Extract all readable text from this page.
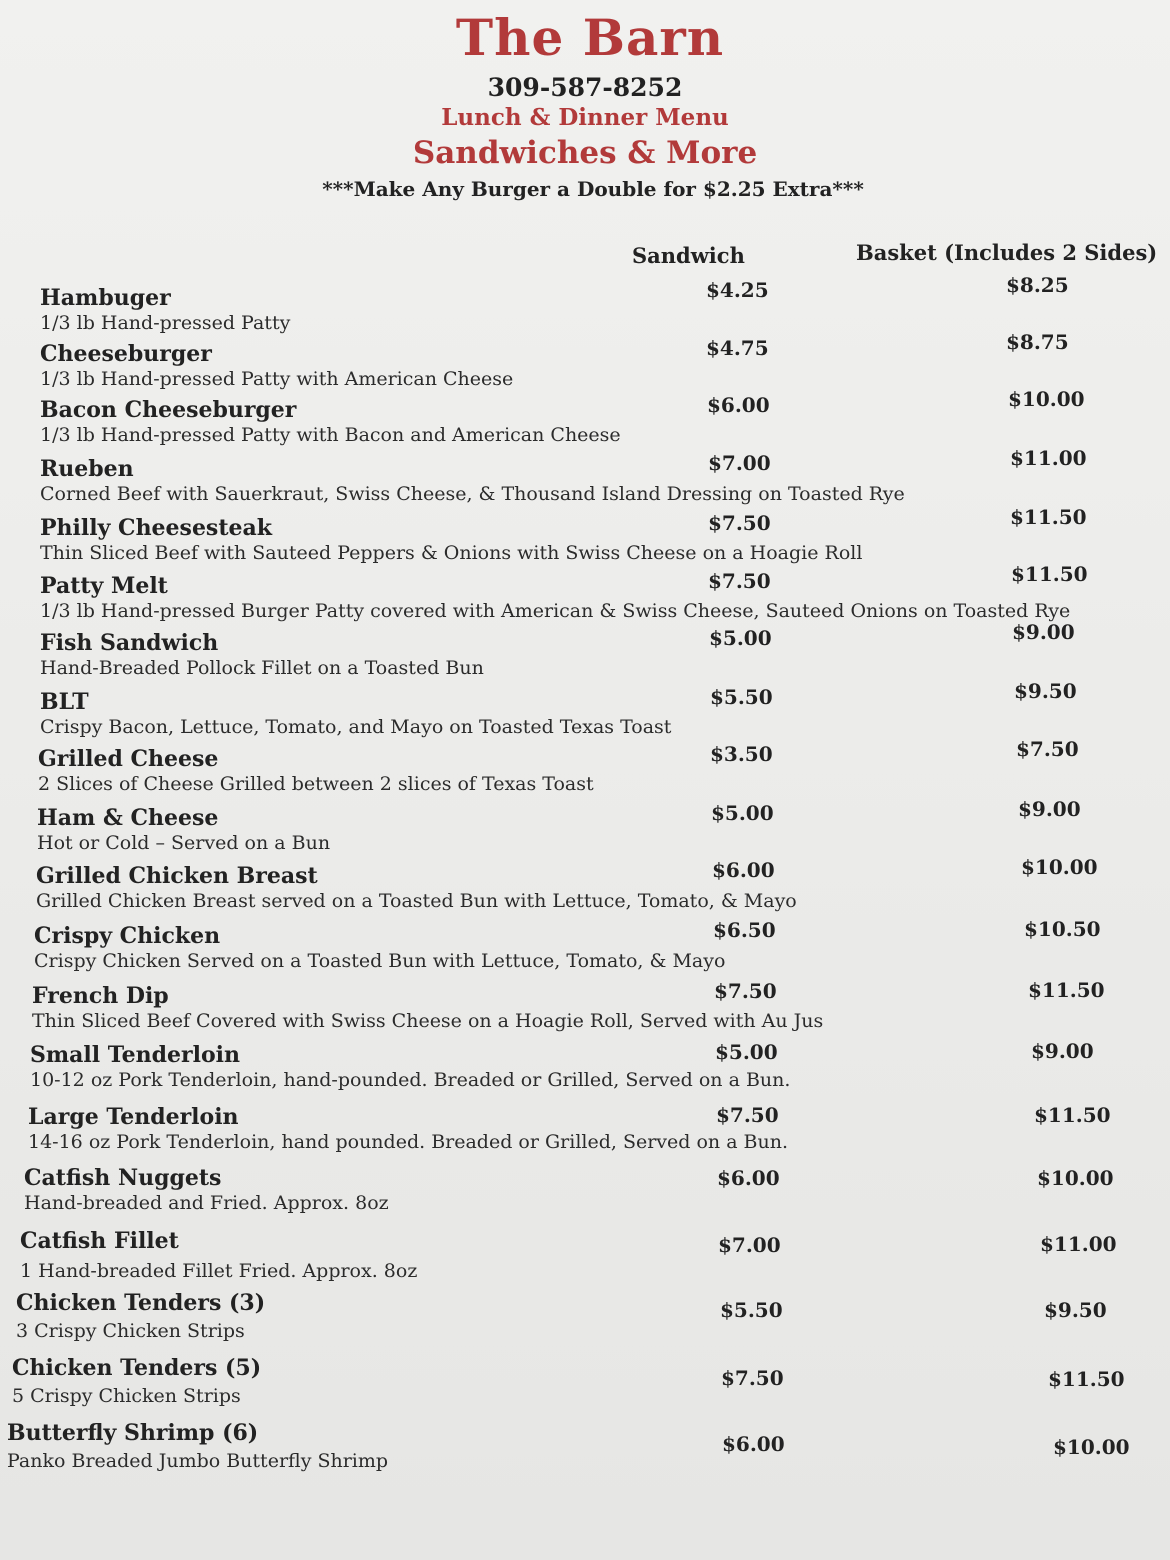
The Barn
309-587-8252
Lunch & Dinner Menu
Sandwiches & More
***Make Any Burger a Double for $2.25 Extra***
Sandwich	Basket (Includes 2 Sides)
Hambuger
1/3 lb Hand-pressed Patty
$4.25	$8.25
Cheeseburger
1/3 lb Hand-pressed Patty with American Cheese
$4.75	$8.75
Bacon Cheeseburger
1/3 lb Hand-pressed Patty with Bacon and American Cheese
$6.00	$10.00
Rueben
Corned Beef with Sauerkraut, Swiss Cheese, & Thousand Island Dressing on Toasted Rye
$7.00	$11.00
Philly Cheesesteak
Thin Sliced Beef with Sauteed Peppers & Onions with Swiss Cheese on a Hoagie Roll
$7.50	$11.50
Patty Melt
1/3 lb Hand-pressed Burger Patty covered with American & Swiss Cheese, Sauteed Onions on Toasted Rye
$7.50	$11.50
Fish Sandwich
Hand-Breaded Pollock Fillet on a Toasted Bun
$5.00	$9.00
BLT
Crispy Bacon, Lettuce, Tomato, and Mayo on Toasted Texas Toast
$5.50	$9.50
Grilled Cheese
2 Slices of Cheese Grilled between 2 slices of Texas Toast
$3.50	$7.50
Ham & Cheese
Hot or Cold – Served on a Bun
$5.00	$9.00
Grilled Chicken Breast
Grilled Chicken Breast served on a Toasted Bun with Lettuce, Tomato, & Mayo
$6.00	$10.00
Crispy Chicken
Crispy Chicken Served on a Toasted Bun with Lettuce, Tomato, & Mayo
$6.50	$10.50
French Dip
Thin Sliced Beef Covered with Swiss Cheese on a Hoagie Roll, Served with Au Jus
$7.50	$11.50
Small Tenderloin
10-12 oz Pork Tenderloin, hand-pounded. Breaded or Grilled, Served on a Bun.
$5.00	$9.00
Large Tenderloin
14-16 oz Pork Tenderloin, hand pounded. Breaded or Grilled, Served on a Bun.
$7.50	$11.50
Catfish Nuggets
Hand-breaded and Fried. Approx. 8oz
$6.00	$10.00
Catfish Fillet
1 Hand-breaded Fillet Fried. Approx. 8oz
$7.00	$11.00
Chicken Tenders (3)
3 Crispy Chicken Strips
$5.50	$9.50
Chicken Tenders (5)
5 Crispy Chicken Strips
$7.50	$11.50
Butterfly Shrimp (6)
Panko Breaded Jumbo Butterfly Shrimp
$6.00	$10.00
